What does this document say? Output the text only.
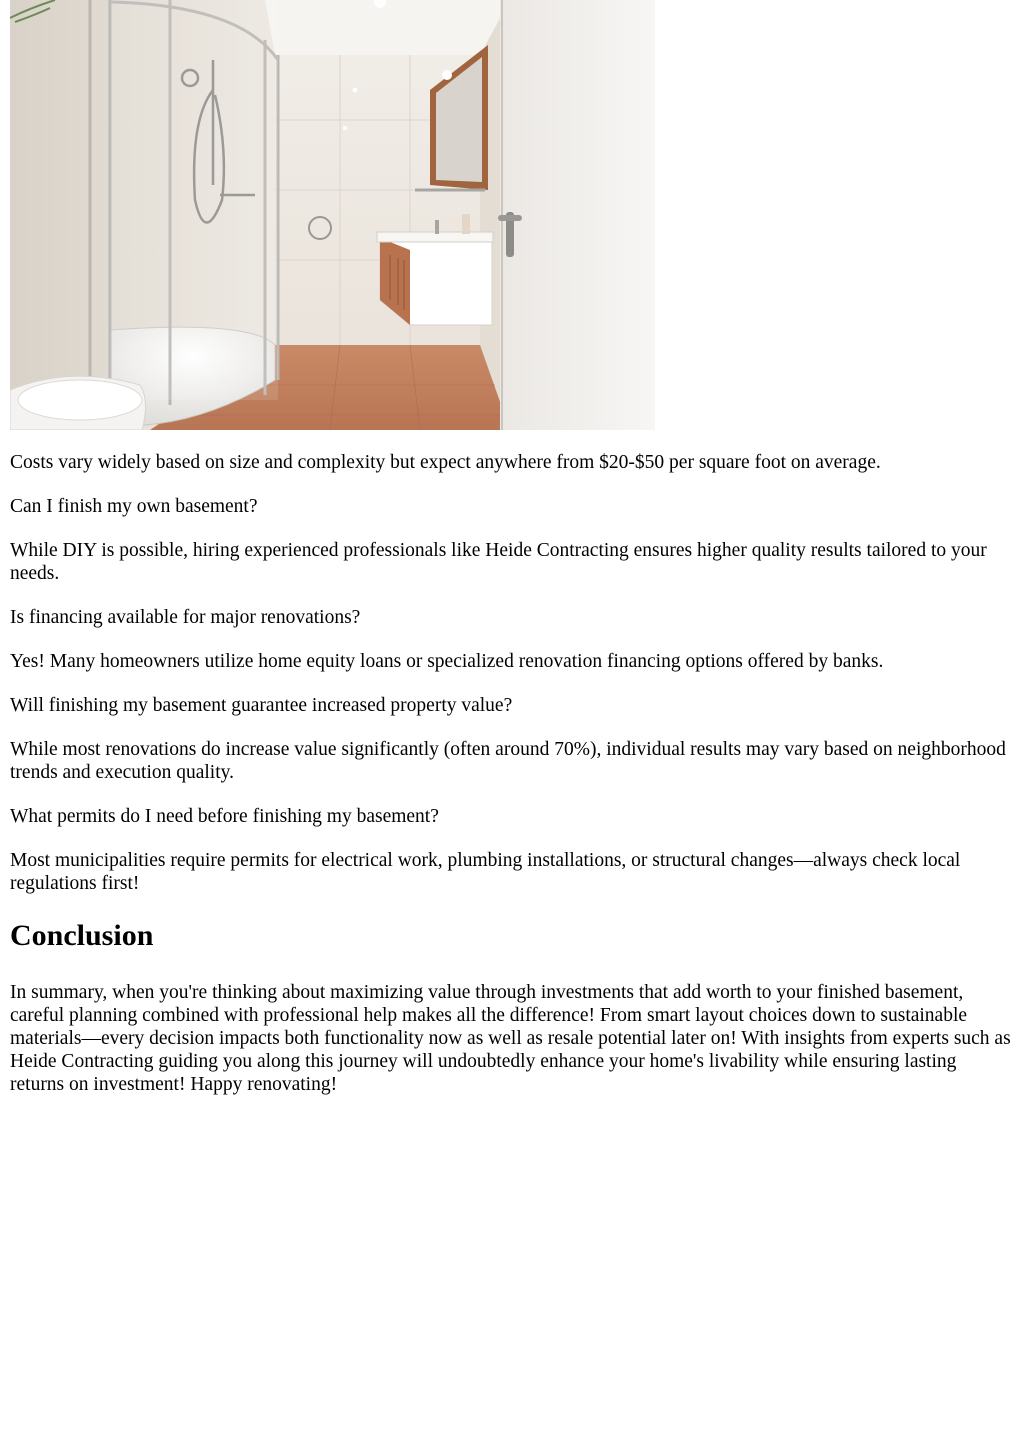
Costs vary widely based on size and complexity but expect anywhere from $20-$50 per square foot on average.

Can I finish my own basement?

While DIY is possible, hiring experienced professionals like Heide Contracting ensures higher quality results tailored to your needs.

Is financing available for major renovations?

Yes! Many homeowners utilize home equity loans or specialized renovation financing options offered by banks.

Will finishing my basement guarantee increased property value?

While most renovations do increase value significantly (often around 70%), individual results may vary based on neighborhood trends and execution quality.

What permits do I need before finishing my basement?

Most municipalities require permits for electrical work, plumbing installations, or structural changes—always check local regulations first!

Conclusion

In summary, when you're thinking about maximizing value through investments that add worth to your finished basement, careful planning combined with professional help makes all the difference! From smart layout choices down to sustainable materials—every decision impacts both functionality now as well as resale potential later on! With insights from experts such as Heide Contracting guiding you along this journey will undoubtedly enhance your home's livability while ensuring lasting returns on investment! Happy renovating!
